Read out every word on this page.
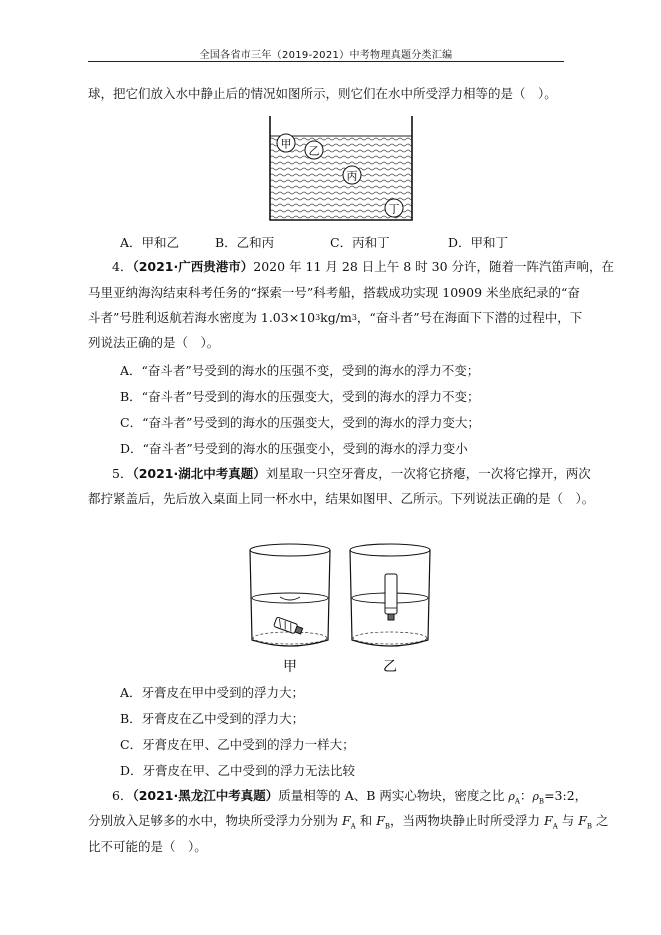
全国各省市三年（2019-2021）中考物理真题分类汇编
球，把它们放入水中静止后的情况如图所示，则它们在水中所受浮力相等的是（　）。
甲
乙
丙
丁
A．甲和乙	B．乙和丙	C．丙和丁	D．甲和丁
4．（2021·广西贵港市）2020 年 11 月 28 日上午 8 时 30 分许，随着一阵汽笛声响，在
马里亚纳海沟结束科考任务的“探索一号”科考船，搭载成功实现 10909 米坐底纪录的“奋
斗者”号胜利返航若海水密度为 $1.03\times 10^3kg/m^3$，“奋斗者”号在海面下下潜的过程中，下
列说法正确的是（　）。
A．“奋斗者”号受到的海水的压强不变，受到的海水的浮力不变；
B．“奋斗者”号受到的海水的压强变大，受到的海水的浮力不变；
C．“奋斗者”号受到的海水的压强变大，受到的海水的浮力变大；
D．“奋斗者”号受到的海水的压强变小，受到的海水的浮力变小
5．（2021·湖北中考真题）刘星取一只空牙膏皮，一次将它挤瘪，一次将它撑开，两次
都拧紧盖后，先后放入桌面上同一杯水中，结果如图甲、乙所示。下列说法正确的是（　）。
甲	乙
A．牙膏皮在甲中受到的浮力大；
B．牙膏皮在乙中受到的浮力大；
C．牙膏皮在甲、乙中受到的浮力一样大；
D．牙膏皮在甲、乙中受到的浮力无法比较
6．（2021·黑龙江中考真题）质量相等的 A、B 两实心物块，密度之比 $\rho_A$：$\rho_B=3:2$，
分别放入足够多的水中，物块所受浮力分别为 $F_A$ 和 $F_B$，当两物块静止时所受浮力 $F_A$ 与 $F_B$ 之
比不可能的是（　）。
